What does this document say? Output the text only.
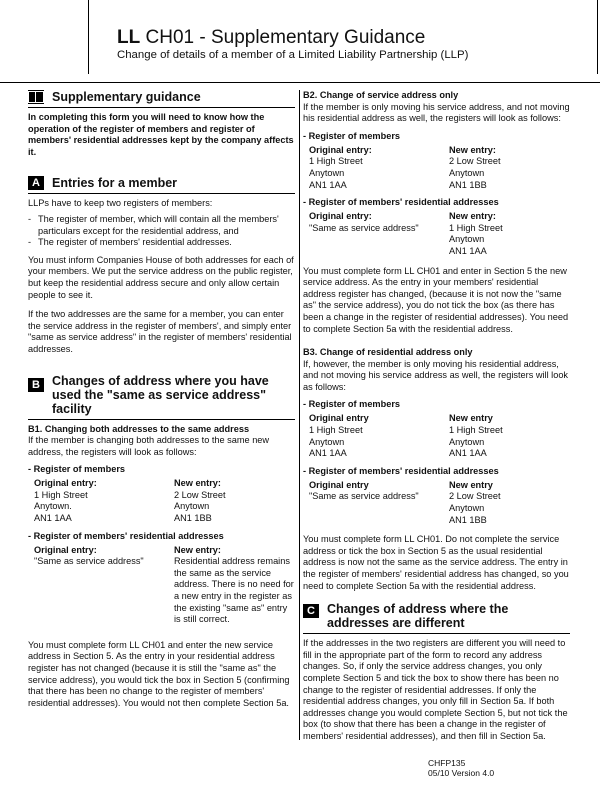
LL CH01 - Supplementary Guidance
Change of details of a member of a Limited Liability Partnership (LLP)
Supplementary guidance
In completing this form you will need to know how the operation of the register of members and register of members' residential addresses kept by the company affects it.
A Entries for a member

LLPs have to keep two registers of members:

- The register of member, which will contain all the members' particulars except for the residential address, and
- The register of members' residential addresses.

You must inform Companies House of both addresses for each of your members. We put the service address on the public register, but keep the residential address secure and only allow certain people to see it.

If the two addresses are the same for a member, you can enter the service address in the register of members', and simply enter "same as service address" in the register of members' residential addresses.

B Changes of address where you have used the "same as service address" facility
B1. Changing both addresses to the same address

If the member is changing both addresses to the same new address, the registers will look as follows:

- Register of members
Original entry:
1 High Street
Anytown.
AN1 1AA
New entry:
2 Low Street
Anytown
AN1 1BB
- Register of members' residential addresses
Original entry:
"Same as service address"
New entry:
Residential address remains the same as the service address. There is no need for a new entry in the register as the existing "same as" entry is still correct.

You must complete form LL CH01 and enter the new service address in Section 5. As the entry in your residential address register has not changed (because it is still the "same as" the service address), you would tick the box in Section 5 (confirming that there has been no change to the register of members' residential addresses). You would not then complete Section 5a.

B2. Change of service address only

If the member is only moving his service address, and not moving his residential address as well, the registers will look as follows:

- Register of members
Original entry:
1 High Street
Anytown
AN1 1AA
New entry:
2 Low Street
Anytown
AN1 1BB
- Register of members' residential addresses
Original entry:
"Same as service address"
New entry:
1 High Street
Anytown
AN1 1AA

You must complete form LL CH01 and enter in Section 5 the new service address. As the entry in your members' residential address register has changed, (because it is not now the "same as" the service address), you do not tick the box (as there has been a change in the register of residential addresses). You need to complete Section 5a with the residential address.

B3. Change of residential address only

If, however, the member is only moving his residential address, and not moving his service address as well, the registers will look as follows:

- Register of members
Original entry
1 High Street
Anytown
AN1 1AA
New entry
1 High Street
Anytown
AN1 1AA
- Register of members' residential addresses
Original entry
"Same as service address"
New entry
2 Low Street
Anytown
AN1 1BB

You must complete form LL CH01. Do not complete the service address or tick the box in Section 5 as the usual residential address is now not the same as the service address. The entry in the register of members' residential address has changed, so you need to complete Section 5a with the residential address.

C Changes of address where the addresses are different

If the addresses in the two registers are different you will need to fill in the appropriate part of the form to record any address changes. So, if only the service address changes, you only complete Section 5 and tick the box to show there has been no change to the register of residential addresses. If only the residential address changes, you only fill in Section 5a. If both addresses change you would complete Section 5, but not tick the box (to show that there has been a change in the register of members' residential addresses), and then fill in Section 5a.

CHFP135
05/10 Version 4.0
